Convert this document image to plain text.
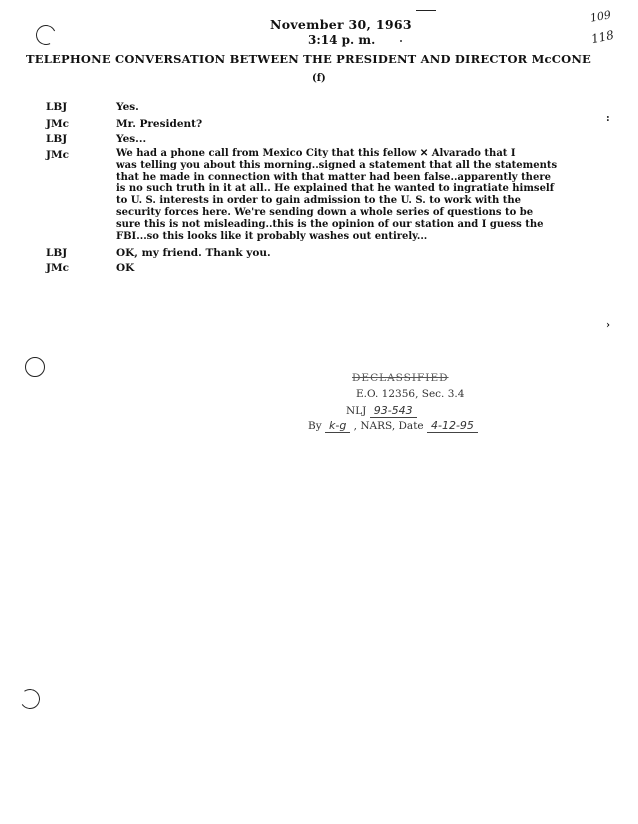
November 30, 1963
3:14 p. m.
TELEPHONE CONVERSATION BETWEEN THE PRESIDENT AND DIRECTOR McCONE
(f)
109
118
:
›
LBJ	Yes.
JMc	Mr. President?
LBJ	Yes...
JMc	We had a phone call from Mexico City that this fellow ✕ Alvarado that I
was telling you about this morning..signed a statement that all the statements
that he made in connection with that matter had been false..apparently there
is no such truth in it at all.. He explained that he wanted to ingratiate himself
to U. S. interests in order to gain admission to the U. S. to work with the
security forces here. We're sending down a whole series of questions to be
sure this is not misleading..this is the opinion of our station and I guess the
FBI...so this looks like it probably washes out entirely...
LBJ	OK, my friend. Thank you.
JMc	OK
DECLASSIFIED
E.O. 12356, Sec. 3.4
NLJ 93-543
By k-g , NARS, Date 4-12-95
